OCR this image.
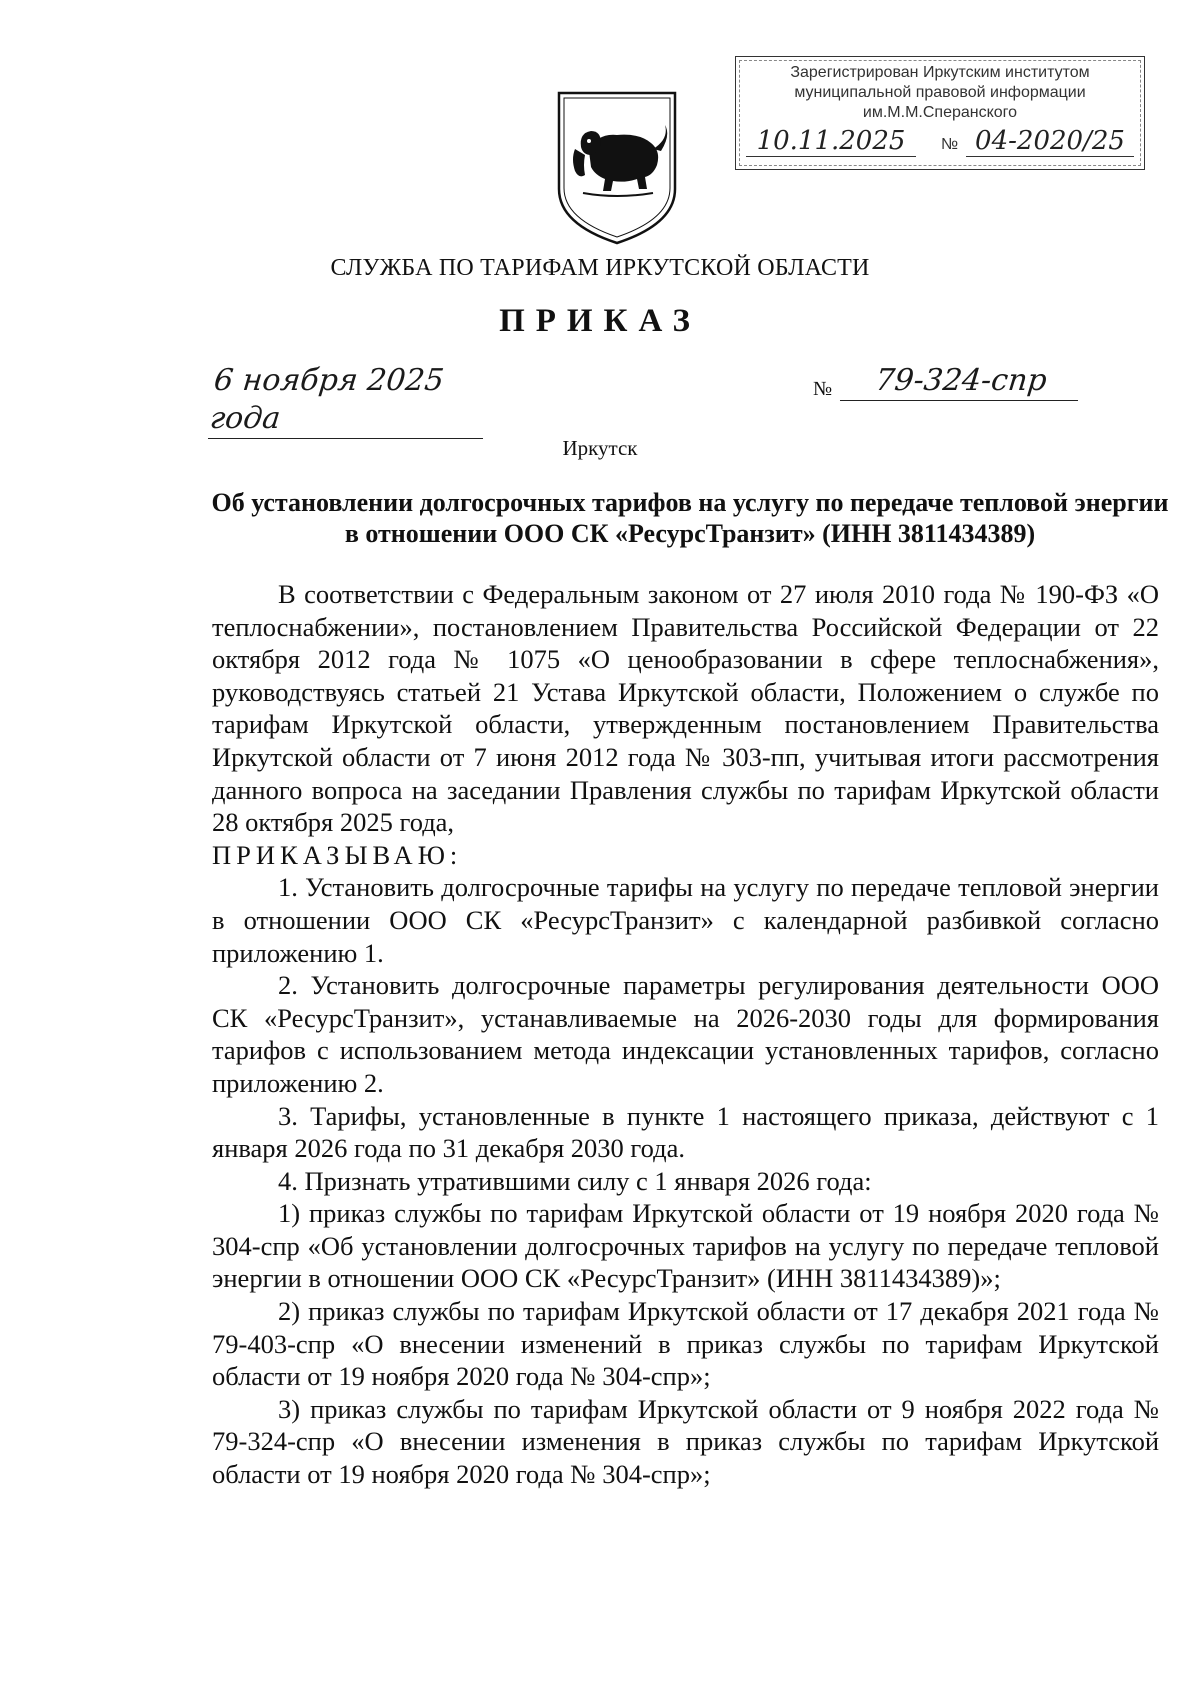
Зарегистрирован Иркутским институтом
муниципальной правовой информации
им.М.М.Сперанского
10.11.2025	№ 04-2020/25
СЛУЖБА ПО ТАРИФАМ ИРКУТСКОЙ ОБЛАСТИ
ПРИКАЗ
6 ноября 2025 года
№	79-324-спр
Иркутск
Об установлении долгосрочных тарифов на услугу по передаче тепловой энергии в отношении ООО СК «РесурсТранзит» (ИНН 3811434389)

В соответствии с Федеральным законом от 27 июля 2010 года № 190-ФЗ «О теплоснабжении», постановлением Правительства Российской Федерации от 22 октября 2012 года № 1075 «О ценообразовании в сфере теплоснабжения», руководствуясь статьей 21 Устава Иркутской области, Положением о службе по тарифам Иркутской области, утвержденным постановлением Правительства Иркутской области от 7 июня 2012 года № 303-пп, учитывая итоги рассмотрения данного вопроса на заседании Правления службы по тарифам Иркутской области 28 октября 2025 года,

ПРИКАЗЫВАЮ:

1. Установить долгосрочные тарифы на услугу по передаче тепловой энергии в отношении ООО СК «РесурсТранзит» с календарной разбивкой согласно приложению 1.

2. Установить долгосрочные параметры регулирования деятельности ООО СК «РесурсТранзит», устанавливаемые на 2026-2030 годы для формирования тарифов с использованием метода индексации установленных тарифов, согласно приложению 2.

3. Тарифы, установленные в пункте 1 настоящего приказа, действуют с 1 января 2026 года по 31 декабря 2030 года.

4. Признать утратившими силу с 1 января 2026 года:

1) приказ службы по тарифам Иркутской области от 19 ноября 2020 года № 304-спр «Об установлении долгосрочных тарифов на услугу по передаче тепловой энергии в отношении ООО СК «РесурсТранзит» (ИНН 3811434389)»;

2) приказ службы по тарифам Иркутской области от 17 декабря 2021 года № 79-403-спр «О внесении изменений в приказ службы по тарифам Иркутской области от 19 ноября 2020 года № 304-спр»;

3) приказ службы по тарифам Иркутской области от 9 ноября 2022 года № 79-324-спр «О внесении изменения в приказ службы по тарифам Иркутской области от 19 ноября 2020 года № 304-спр»;
